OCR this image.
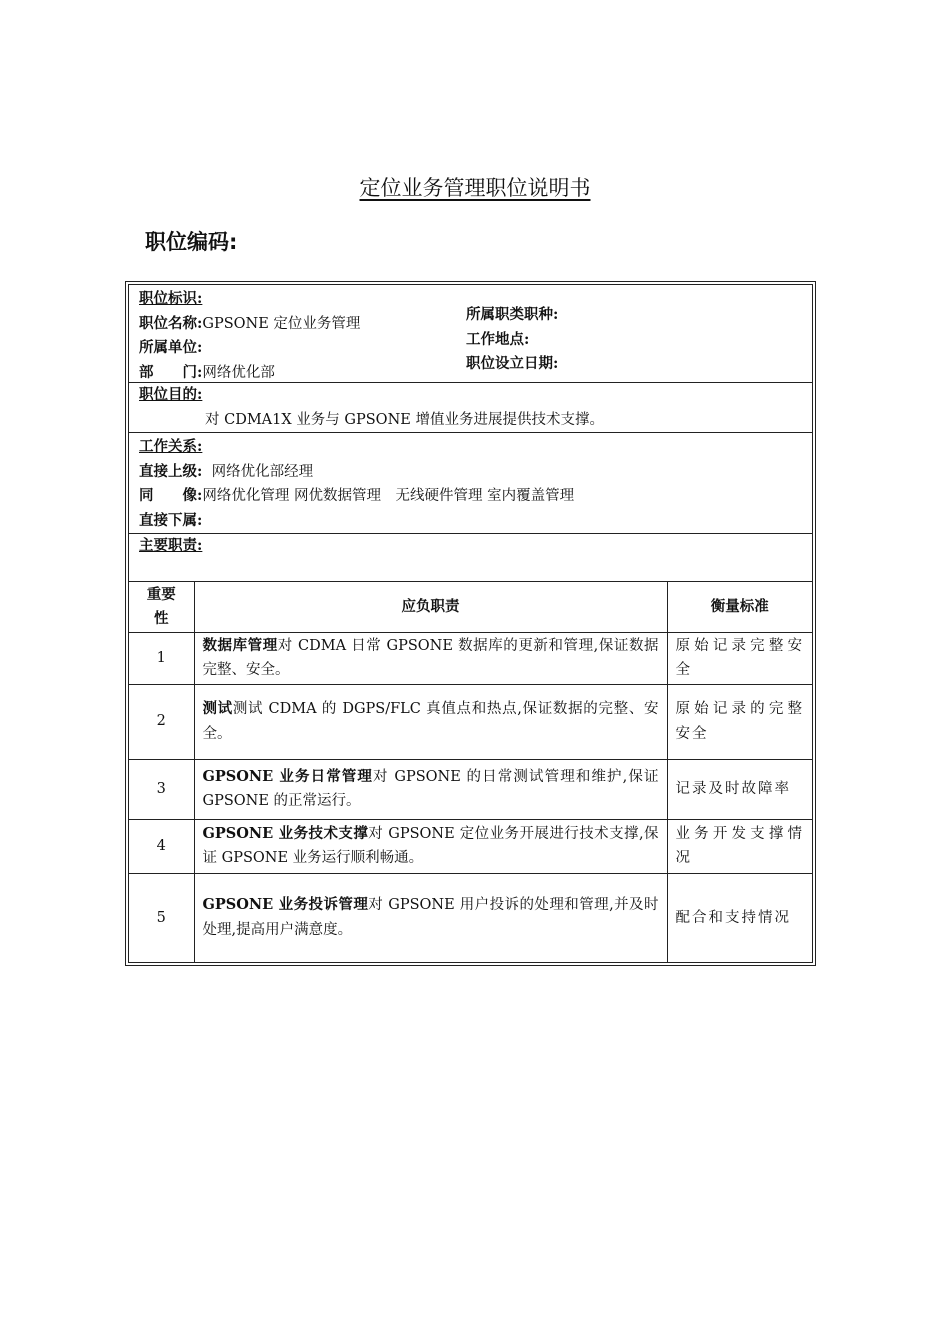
定位业务管理职位说明书
职位编码:
职位标识:
职位名称:GPSONE 定位业务管理
所属单位:
部　　门:网络优化部
所属职类职种:
工作地点:
职位设立日期:
职位目的:
对 CDMA1X 业务与 GPSONE 增值业务进展提供技术支撑。
工作关系:
直接上级: 网络优化部经理
同　　像:网络优化管理 网优数据管理　无线硬件管理 室内覆盖管理
直接下属:
主要职责:
重要性	应负职责	衡量标准
1	数据库管理对 CDMA 日常 GPSONE 数据库的更新和管理,保证数据完整、安全。	原始记录完整安全
2	测试测试 CDMA 的 DGPS/FLC 真值点和热点,保证数据的完整、安全。	原始记录的完整安全
3	GPSONE 业务日常管理对 GPSONE 的日常测试管理和维护,保证 GPSONE 的正常运行。	记录及时故障率
4	GPSONE 业务技术支撑对 GPSONE 定位业务开展进行技术支撑,保证 GPSONE 业务运行顺利畅通。	业务开发支撑情况
5	GPSONE 业务投诉管理对 GPSONE 用户投诉的处理和管理,并及时处理,提高用户满意度。	配合和支持情况
